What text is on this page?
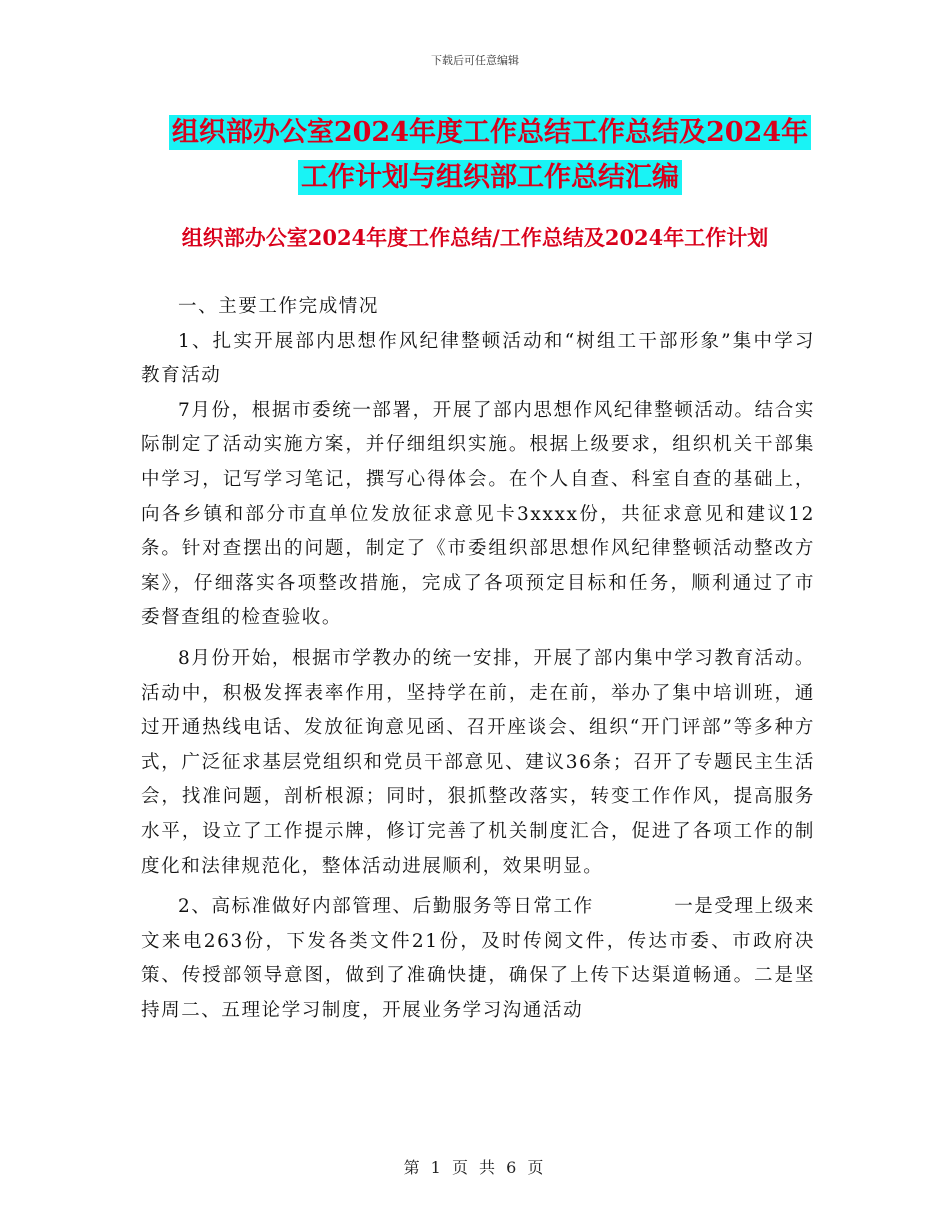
下载后可任意编辑
组织部办公室2024年度工作总结工作总结及2024年
工作计划与组织部工作总结汇编
组织部办公室2024年度工作总结/工作总结及2024年工作计划

一、主要工作完成情况

1、扎实开展部内思想作风纪律整顿活动和“树组工干部形象”集中学习教育活动

7月份，根据市委统一部署，开展了部内思想作风纪律整顿活动。结合实际制定了活动实施方案，并仔细组织实施。根据上级要求，组织机关干部集中学习，记写学习笔记，撰写心得体会。在个人自查、科室自查的基础上，向各乡镇和部分市直单位发放征求意见卡3xxxx份，共征求意见和建议12条。针对查摆出的问题，制定了《市委组织部思想作风纪律整顿活动整改方案》，仔细落实各项整改措施，完成了各项预定目标和任务，顺利通过了市委督查组的检查验收。

8月份开始，根据市学教办的统一安排，开展了部内集中学习教育活动。活动中，积极发挥表率作用，坚持学在前，走在前，举办了集中培训班，通过开通热线电话、发放征询意见函、召开座谈会、组织“开门评部”等多种方式，广泛征求基层党组织和党员干部意见、建议36条；召开了专题民主生活会，找准问题，剖析根源；同时，狠抓整改落实，转变工作作风，提高服务水平，设立了工作提示牌，修订完善了机关制度汇合，促进了各项工作的制度化和法律规范化，整体活动进展顺利，效果明显。

2、高标准做好内部管理、后勤服务等日常工作　　　　一是受理上级来文来电263份，下发各类文件21份，及时传阅文件，传达市委、市政府决策、传授部领导意图，做到了准确快捷，确保了上传下达渠道畅通。二是坚持周二、五理论学习制度，开展业务学习沟通活动

第 1 页 共 6 页
